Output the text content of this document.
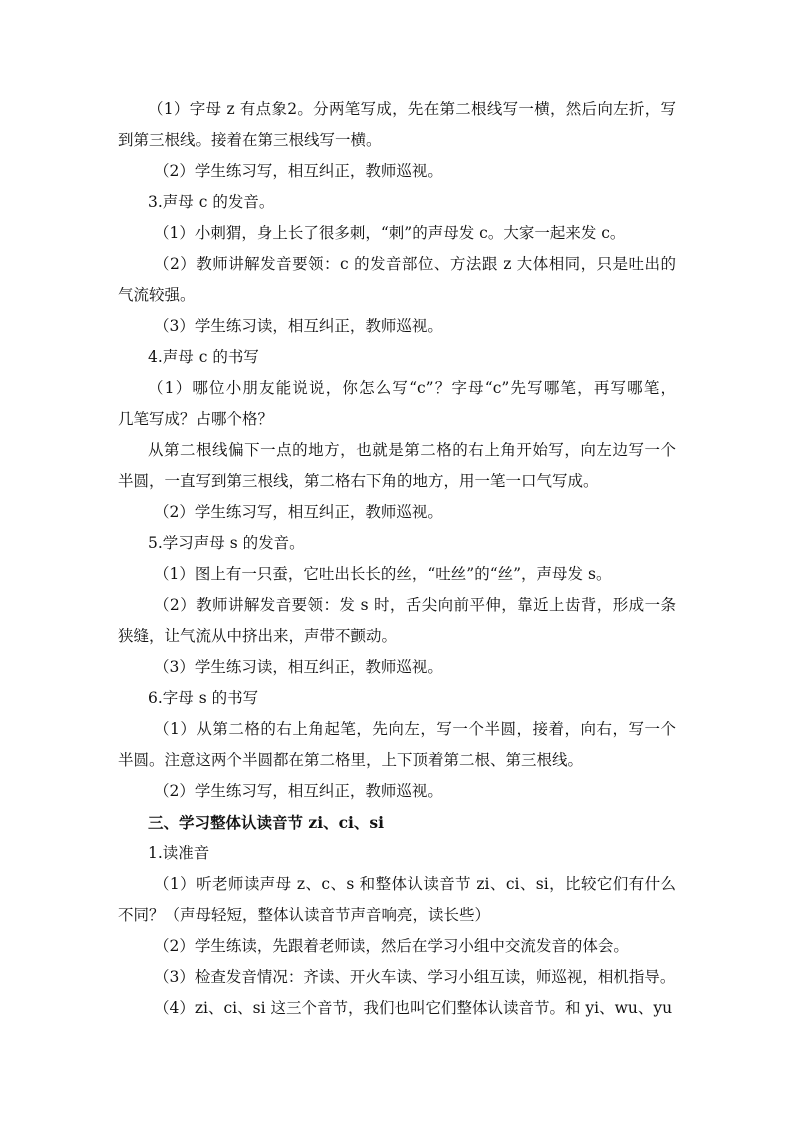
（1）字母 z 有点象2。分两笔写成，先在第二根线写一横，然后向左折，写
到第三根线。接着在第三根线写一横。
（2）学生练习写，相互纠正，教师巡视。
3.声母 c 的发音。
（1）小刺猬，身上长了很多刺，“刺”的声母发 c。大家一起来发 c。
（2）教师讲解发音要领：c 的发音部位、方法跟 z 大体相同，只是吐出的
气流较强。
（3）学生练习读，相互纠正，教师巡视。
4.声母 c 的书写
（1）哪位小朋友能说说，你怎么写“c”？字母“c”先写哪笔，再写哪笔，
几笔写成？占哪个格？
从第二根线偏下一点的地方，也就是第二格的右上角开始写，向左边写一个
半圆，一直写到第三根线，第二格右下角的地方，用一笔一口气写成。
（2）学生练习写，相互纠正，教师巡视。
5.学习声母 s 的发音。
（1）图上有一只蚕，它吐出长长的丝，“吐丝”的“丝”，声母发 s。
（2）教师讲解发音要领：发 s 时，舌尖向前平伸，靠近上齿背，形成一条
狭缝，让气流从中挤出来，声带不颤动。
（3）学生练习读，相互纠正，教师巡视。
6.字母 s 的书写
（1）从第二格的右上角起笔，先向左，写一个半圆，接着，向右，写一个
半圆。注意这两个半圆都在第二格里，上下顶着第二根、第三根线。
（2）学生练习写，相互纠正，教师巡视。
三、学习整体认读音节 zi、ci、si
1.读准音
（1）听老师读声母 z、c、s 和整体认读音节 zi、ci、si，比较它们有什么
不同？（声母轻短，整体认读音节声音响亮，读长些）
（2）学生练读，先跟着老师读，然后在学习小组中交流发音的体会。
（3）检查发音情况：齐读、开火车读、学习小组互读，师巡视，相机指导。
（4）zi、ci、si 这三个音节，我们也叫它们整体认读音节。和 yi、wu、yu
